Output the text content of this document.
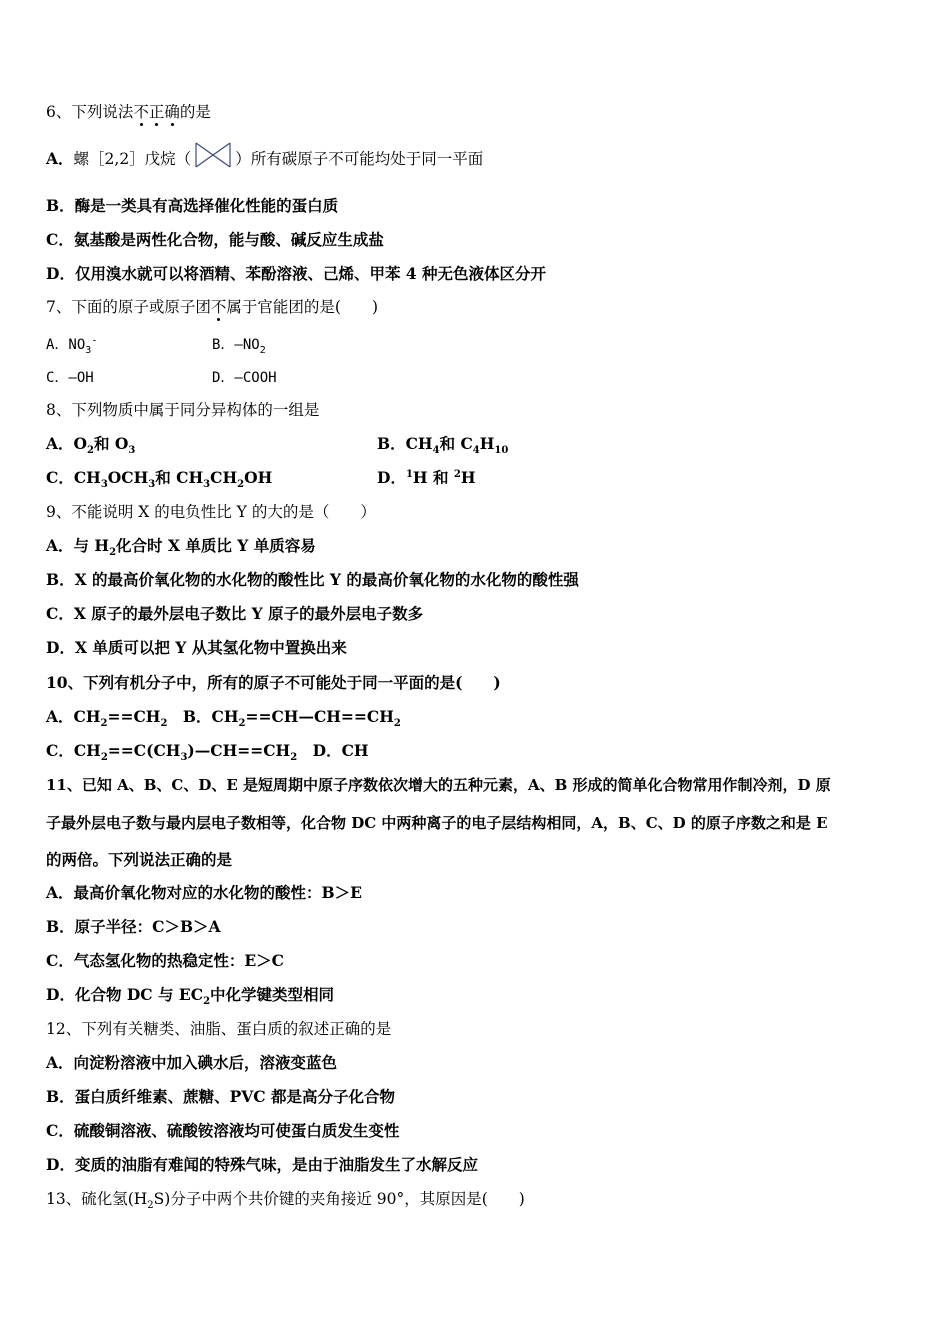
6、下列说法不正确的是
A．螺［2,2］戊烷（	）所有碳原子不可能均处于同一平面
B．酶是一类具有高选择催化性能的蛋白质
C．氨基酸是两性化合物，能与酸、碱反应生成盐
D．仅用溴水就可以将酒精、苯酚溶液、己烯、甲苯 4 种无色液体区分开
7、下面的原子或原子团不属于官能团的是(　　)
A．$NO_3^-$	B．$—NO_2$
C．—OH	D．—COOH
8、下列物质中属于同分异构体的一组是
A．$O_2$和 $O_3$	B．$CH_4$和 $C_4H_{10}$
C．$CH_3OCH_3$和 $CH_3CH_2OH$	D．$^1$H 和 $^2$H
9、不能说明 X 的电负性比 Y 的大的是（　　）
A．与 $H_2$化合时 X 单质比 Y 单质容易
B．X 的最高价氧化物的水化物的酸性比 Y 的最高价氧化物的水化物的酸性强
C．X 原子的最外层电子数比 Y 原子的最外层电子数多
D．X 单质可以把 Y 从其氢化物中置换出来
10、下列有机分子中，所有的原子不可能处于同一平面的是(　　)
A．$CH_2==CH_2$　B．$CH_2==CH—CH==CH_2$
C．$CH_2==C(CH_3)—CH==CH_2$　D．CH
11、已知 A、B、C、D、E 是短周期中原子序数依次增大的五种元素，A、B 形成的简单化合物常用作制冷剂，D 原
子最外层电子数与最内层电子数相等，化合物 DC 中两种离子的电子层结构相同，A，B、C、D 的原子序数之和是 E
的两倍。下列说法正确的是
A．最高价氧化物对应的水化物的酸性：B＞E
B．原子半径：C＞B＞A
C．气态氢化物的热稳定性：E＞C
D．化合物 DC 与 $EC_2$中化学键类型相同
12、下列有关糖类、油脂、蛋白质的叙述正确的是
A．向淀粉溶液中加入碘水后，溶液变蓝色
B．蛋白质纤维素、蔗糖、PVC 都是高分子化合物
C．硫酸铜溶液、硫酸铵溶液均可使蛋白质发生变性
D．变质的油脂有难闻的特殊气味，是由于油脂发生了水解反应
13、硫化氢$(H_2S)$分子中两个共价键的夹角接近 90°，其原因是(　　)
